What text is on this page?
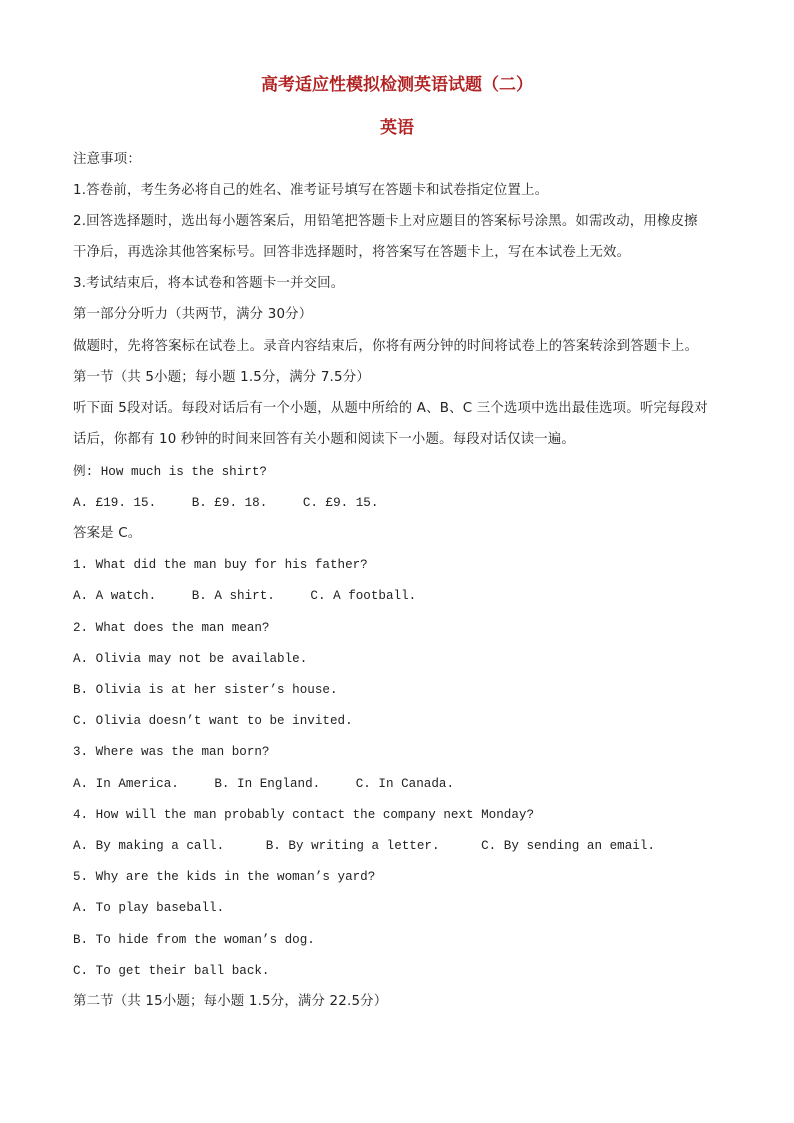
高考适应性模拟检测英语试题（二）
英语
注意事项：
1.答卷前，考生务必将自己的姓名、准考证号填写在答题卡和试卷指定位置上。
2.回答选择题时，选出每小题答案后，用铅笔把答题卡上对应题目的答案标号涂黑。如需改动，用橡皮擦
干净后，再选涂其他答案标号。回答非选择题时，将答案写在答题卡上，写在本试卷上无效。
3.考试结束后，将本试卷和答题卡一并交回。
第一部分分听力（共两节，满分 30分）
做题时，先将答案标在试卷上。录音内容结束后，你将有两分钟的时间将试卷上的答案转涂到答题卡上。
第一节（共 5小题；每小题 1.5分，满分 7.5分）
听下面 5段对话。每段对话后有一个小题，从题中所给的 A、B、C 三个选项中选出最佳选项。听完每段对
话后，你都有 10 秒钟的时间来回答有关小题和阅读下一小题。每段对话仅读一遍。
例: How much is the shirt?
A. £19. 15.	B. £9. 18.	C. £9. 15.
答案是 C。
1. What did the man buy for his father?
A. A watch.	B. A shirt.	C. A football.
2. What does the man mean?
A. Olivia may not be available.
B. Olivia is at her sister’s house.
C. Olivia doesn’t want to be invited.
3. Where was the man born?
A. In America.	B. In England.	C. In Canada.
4. How will the man probably contact the company next Monday?
A. By making a call.	B. By writing a letter.	C. By sending an email.
5. Why are the kids in the woman’s yard?
A. To play baseball.
B. To hide from the woman’s dog.
C. To get their ball back.
第二节（共 15小题；每小题 1.5分，满分 22.5分）
